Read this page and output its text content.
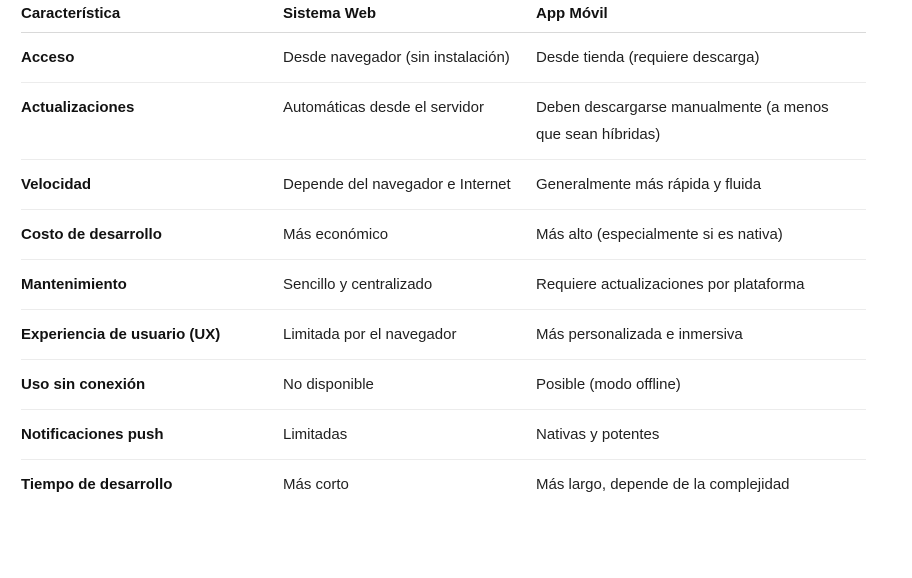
Característica	Sistema Web	App Móvil
Acceso	Desde navegador (sin instalación)	Desde tienda (requiere descarga)
Actualizaciones	Automáticas desde el servidor	Deben descargarse manualmente (a menos que sean híbridas)
Velocidad	Depende del navegador e Internet	Generalmente más rápida y fluida
Costo de desarrollo	Más económico	Más alto (especialmente si es nativa)
Mantenimiento	Sencillo y centralizado	Requiere actualizaciones por plataforma
Experiencia de usuario (UX)	Limitada por el navegador	Más personalizada e inmersiva
Uso sin conexión	No disponible	Posible (modo offline)
Notificaciones push	Limitadas	Nativas y potentes
Tiempo de desarrollo	Más corto	Más largo, depende de la complejidad
